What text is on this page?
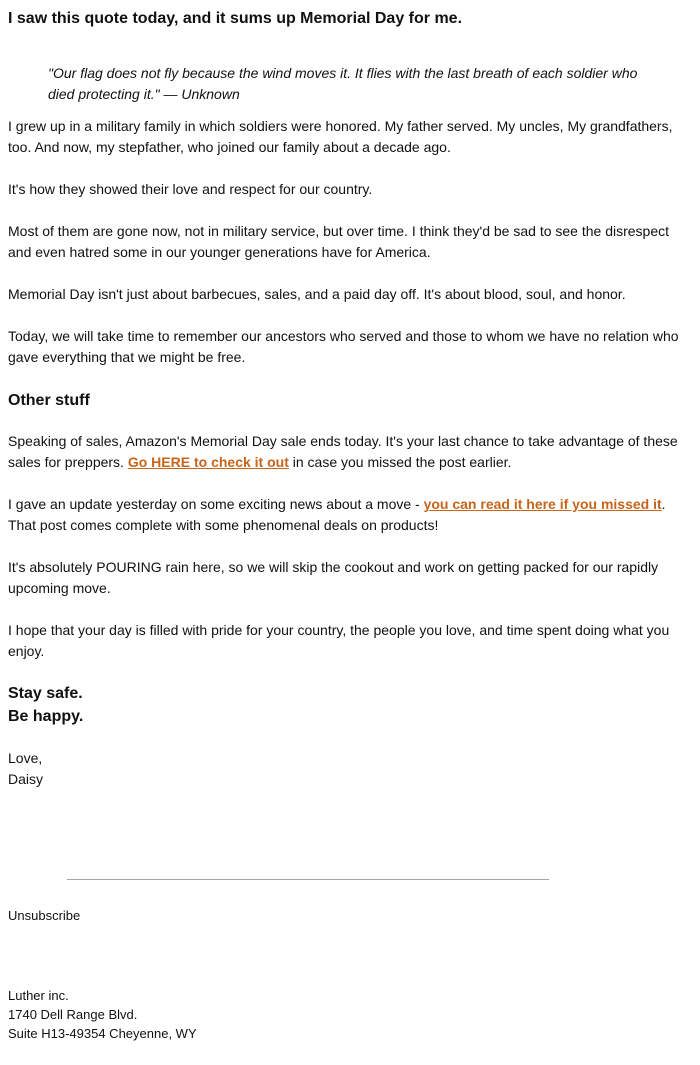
I saw this quote today, and it sums up Memorial Day for me.
"Our flag does not fly because the wind moves it. It flies with the last breath of each soldier who died protecting it." — Unknown

I grew up in a military family in which soldiers were honored. My father served. My uncles, My grandfathers, too. And now, my stepfather, who joined our family about a decade ago.

It's how they showed their love and respect for our country.

Most of them are gone now, not in military service, but over time. I think they'd be sad to see the disrespect and even hatred some in our younger generations have for America.

Memorial Day isn't just about barbecues, sales, and a paid day off. It's about blood, soul, and honor.

Today, we will take time to remember our ancestors who served and those to whom we have no relation who gave everything that we might be free.

Other stuff

Speaking of sales, Amazon's Memorial Day sale ends today. It's your last chance to take advantage of these sales for preppers. Go HERE to check it out in case you missed the post earlier.

I gave an update yesterday on some exciting news about a move - you can read it here if you missed it. That post comes complete with some phenomenal deals on products!

It's absolutely POURING rain here, so we will skip the cookout and work on getting packed for our rapidly upcoming move.

I hope that your day is filled with pride for your country, the people you love, and time spent doing what you enjoy.

Stay safe.
Be happy.
Love,
Daisy
Unsubscribe
Luther inc.
1740 Dell Range Blvd.
Suite H13-49354 Cheyenne, WY
